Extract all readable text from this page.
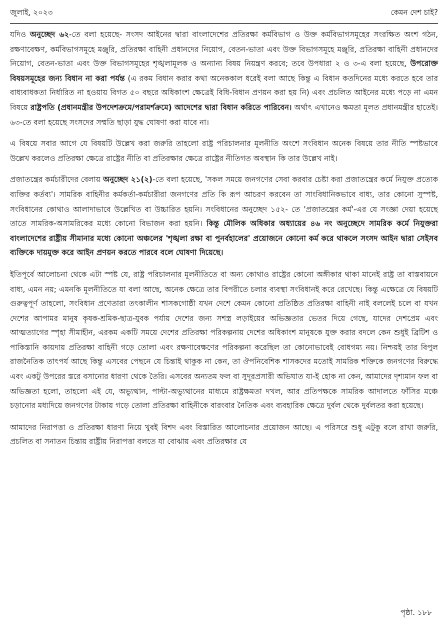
জুলাই, ২০২৩	কেমন দেশ চাই?

যদিও অনুচ্ছেদ ৬২-তে বলা হয়েছে- সংসদ আইনের দ্বারা বাংলাদেশের প্রতিরক্ষা কর্মবিভাগ ও উক্ত কর্মবিভাগসমূহের সংরক্ষিত অংশ গঠন, রক্ষণাবেক্ষণ, কর্মবিভাগসমূহে মঞ্জুরি, প্রতিরক্ষা বাহিনী প্রধানদের নিয়োগ, বেতন-ভাতা এবং উক্ত বিভাগসমূহে মঞ্জুরি, প্রতিরক্ষা বাহিনী প্রধানদের নিয়োগ, বেতন-ভাতা এবং উক্ত বিভাগসমূহের শৃঙ্খলামূলক ও অন্যান্য বিষয় নিয়ন্ত্রণ করবে; তবে উপধারা ২ ও ৩-এ বলা হয়েছে, উপরোক্ত বিষয়সমূহের জন্য বিধান না করা পর্যন্ত (এ রকম বিধান করার কথা অনেককাল ধরেই বলা আছে কিন্তু এ বিধান কতদিনের মধ্যে করতে হবে তার বাধ্যবাধকতা নির্ধারিত না হওয়ায় বিগত ৫০ বছরে অধিকাংশ ক্ষেত্রেই বিধি-বিধান প্রণয়ন করা হয় নি) এবং প্রচলিত আইনের মধ্যে পড়ে না এমন বিষয়ে রাষ্ট্রপতি (প্রধানমন্ত্রীর উপদেশক্রমে/পরামর্শক্রমে) আদেশের দ্বারা বিধান করিতে পারিবেন। অর্থাৎ এখানেও ক্ষমতা মূলত প্রধানমন্ত্রীর হাতেই। ৬৩-তে বলা হয়েছে সংসদের সম্মতি ছাড়া যুদ্ধ ঘোষণা করা যাবে না।

এ বিষয়ে সবার আগে যে বিষয়টি উল্লেখ করা জরুরি তাহলো রাষ্ট্র পরিচালনার মূলনীতি অংশে সংবিধান অনেক বিষয়ে তার নীতি স্পষ্টভাবে উল্লেখ করলেও প্রতিরক্ষা ক্ষেত্রে রাষ্ট্রের নীতি বা প্রতিরক্ষার ক্ষেত্রে রাষ্ট্রের নীতিগত অবস্থান কি তার উল্লেখ নাই।

প্রজাতন্ত্রের কর্মচারীদের বেলায় অনুচ্ছেদ ২১(২)-তে বলা হয়েছে, 'সকল সময়ে জনগণের সেবা করবার চেষ্টা করা প্রজাতন্ত্রের কর্মে নিযুক্ত প্রত্যেক ব্যক্তির কর্তব্য'। সামরিক বাহিনীর কর্মকর্তা-কর্মচারীরা জনগণের প্রতি কি রূপ আচরণ করবেন তা সাংবিধানিকভাবে বাধ্য, তার কোনো সুস্পষ্ট, সংবিধানের কোথাও আলাদাভাবে উল্লেখিত বা উচ্চারিত হয়নি। সংবিধানের অনুচ্ছেদ ১৫২- তে 'প্রজাতন্ত্রের কর্ম'-এর যে সংজ্ঞা দেয়া হয়েছে তাতে সামরিক-অসামরিকের মধ্যে কোনো বিভাজন করা হয়নি। কিন্তু মৌলিক অধিকার অধ্যায়ের ৪৬ নং অনুচ্ছেদে সামরিক কর্মে নিযুক্তরা বাংলাদেশের রাষ্ট্রীয় সীমানার মধ্যে কোনো অঞ্চলের 'শৃঙ্খলা রক্ষা বা পুনর্বহালের' প্রয়োজনে কোনো কর্ম করে থাকলে সংসদ আইন দ্বারা সেইসব ব্যক্তিকে দায়মুক্ত করে আইন প্রণয়ন করতে পারবে বলে ঘোষণা দিয়েছে।

ইতিপূর্বে আলোচনা থেকে এটা স্পষ্ট যে, রাষ্ট্র পরিচালনার মূলনীতিতে বা অন্য কোথাও রাষ্ট্রের কোনো অঙ্গীকার থাকা মানেই রাষ্ট্র তা বাস্তবায়নে বাধ্য, এমন নয়; এমনকি মূলনীতিতে যা বলা আছে, অনেক ক্ষেত্রে তার বিপরীতে চলার ব্যবস্থা সংবিধানই করে রেখেছে। কিন্তু এক্ষেত্রে যে বিষয়টি গুরুত্বপূর্ণ তাহলো, সংবিধান প্রণেতারা তৎকালীন শাসকগোষ্ঠী যখন দেশে কেমন কোনো প্রতিষ্ঠিত প্রতিরক্ষা বাহিনী নাই বললেই চলে বা যখন দেশের আপামর মানুষ কৃষক-শ্রমিক-ছাত্র-যুবক পর্যায় দেশের জন্য সশস্ত্র লড়াইয়ের অভিজ্ঞতার ভেতর দিয়ে গেছে, যাদের দেশপ্রেম এবং আত্মত্যাগের স্পৃহা সীমাহীন, এরকম একটি সময়ে দেশের প্রতিরক্ষা পরিকল্পনায় দেশের অধিকাংশ মানুষকে যুক্ত করার বদলে কেন শুধুই ব্রিটিশ ও পাকিস্তানি কায়দায় প্রতিরক্ষা বাহিনী গড়ে তোলা এবং রক্ষণাবেক্ষণের পরিকল্পনা করেছিল তা কোনোভাবেই বোধগম্য নয়। নিশ্চয়ই তার বিপুল রাজনৈতিক তাৎপর্য আছে কিন্তু এসবের পেছনে যে চিন্তাই থাকুক না কেন, তা ঔপনিবেশিক শাসকদের মতোই সামরিক শক্তিকে জনগণের বিরুদ্ধে এবং একটু উপরের স্তরে বসানোর ধারণা থেকে তৈরি। এসবের অন্যতম ফল বা সুদূরপ্রসারী অভিঘাত যা-ই হোক না কেন, আমাদের দৃশ্যমান ফল বা অভিজ্ঞতা হলো, তাহলো এই যে, অভ্যুত্থান, পাল্টা-অভ্যুত্থানের মাধ্যমে রাষ্ট্রক্ষমতা দখল, আর প্রতিপক্ষকে সামরিক আদালতে ফাঁসির মঞ্চে চড়ানোর মধ্যদিয়ে জনগণের টাকায় গড়ে তোলা প্রতিরক্ষা বাহিনীকে বারংবার নৈতিক এবং ব্যবহারিক ক্ষেত্রে দুর্বল থেকে দুর্বলতর করা হয়েছে।

আমাদের নিরাপত্তা ও প্রতিরক্ষা ধারণা নিয়ে খুবই বিশদ এবং বিস্তারিত আলোচনার প্রয়োজন আছে। এ পরিসরে শুধু এটুকু বলে রাখা জরুরি, প্রচলিত বা সনাতন চিন্তায় রাষ্ট্রীয় নিরাপত্তা বলতে যা বোঝায় এবং প্রতিরক্ষার যে

পৃষ্ঠা. ১৮৮
